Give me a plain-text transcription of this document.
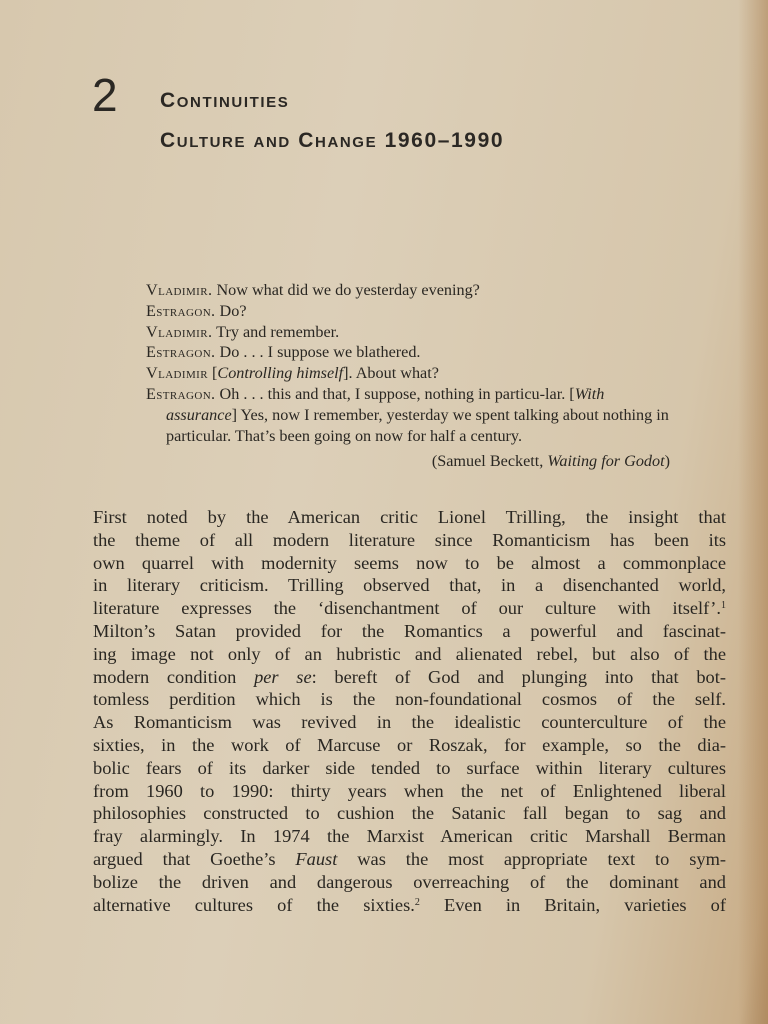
2 Continuities
Culture and Change 1960–1990

Vladimir. Now what did we do yesterday evening?

Estragon. Do?

Vladimir. Try and remember.

Estragon. Do . . . I suppose we blathered.

Vladimir [Controlling himself]. About what?

Estragon. Oh . . . this and that, I suppose, nothing in particu-lar. [With assurance] Yes, now I remember, yesterday we spent talking about nothing in particular. That’s been going on now for half a century.

(Samuel Beckett, Waiting for Godot)
First noted by the American critic Lionel Trilling, the insight that
the theme of all modern literature since Romanticism has been its
own quarrel with modernity seems now to be almost a commonplace
in literary criticism. Trilling observed that, in a disenchanted world,
literature expresses the ‘disenchantment of our culture with itself’.$^1$
Milton’s Satan provided for the Romantics a powerful and fascinat-
ing image not only of an hubristic and alienated rebel, but also of the
modern condition per se: bereft of God and plunging into that bot-
tomless perdition which is the non-foundational cosmos of the self.
As Romanticism was revived in the idealistic counterculture of the
sixties, in the work of Marcuse or Roszak, for example, so the dia-
bolic fears of its darker side tended to surface within literary cultures
from 1960 to 1990: thirty years when the net of Enlightened liberal
philosophies constructed to cushion the Satanic fall began to sag and
fray alarmingly. In 1974 the Marxist American critic Marshall Berman
argued that Goethe’s Faust was the most appropriate text to sym-
bolize the driven and dangerous overreaching of the dominant and
alternative cultures of the sixties.$^2$ Even in Britain, varieties of
